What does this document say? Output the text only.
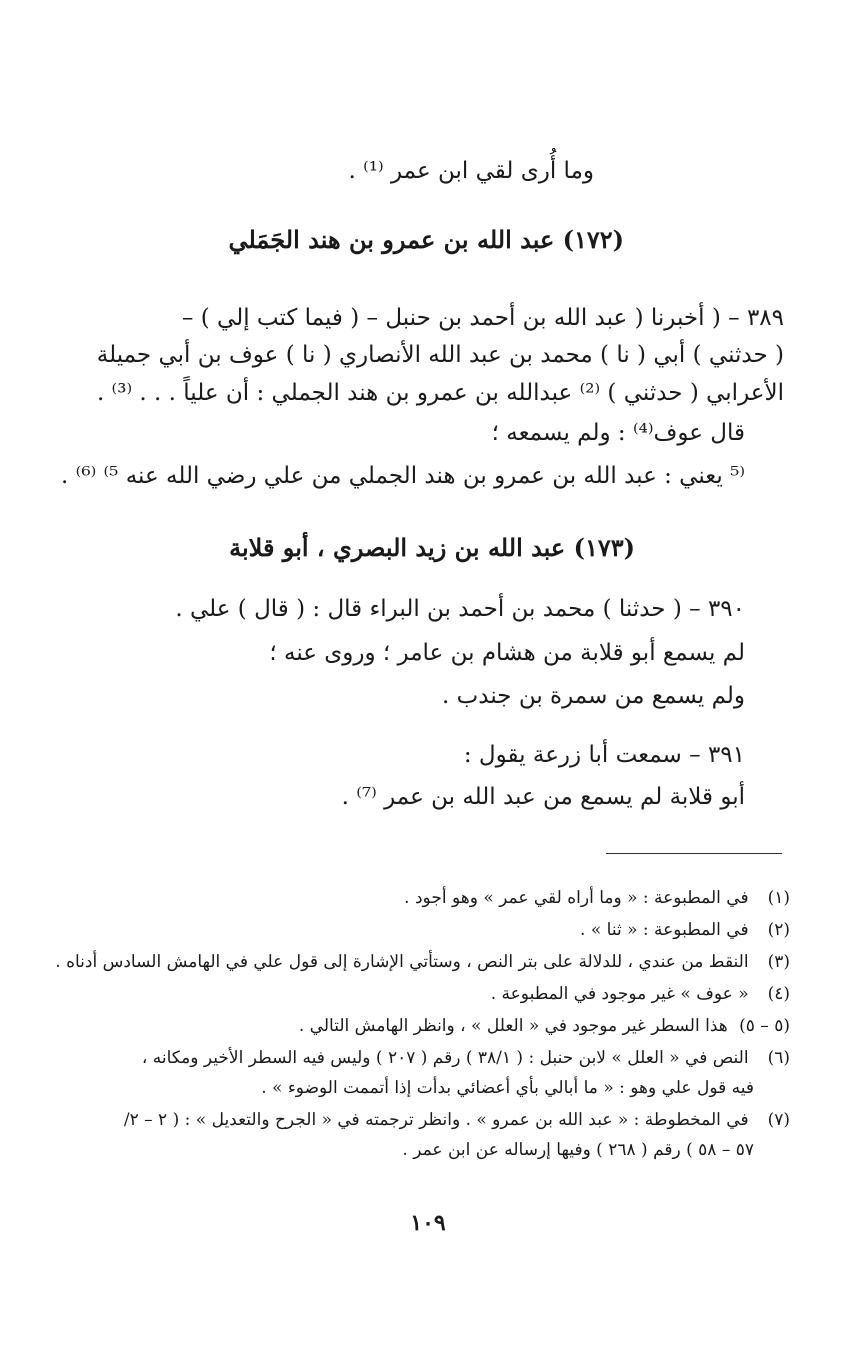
وما أُرى لقي ابن عمر ⁽¹⁾ .
(١٧٢) عبد الله بن عمرو بن هند الجَمَلي
٣٨٩ – ( أخبرنا ( عبد الله بن أحمد بن حنبل – ( فيما كتب إلي ) –
( حدثني ) أبي ( نا ) محمد بن عبد الله الأنصاري ( نا ) عوف بن أبي جميلة
الأعرابي ( حدثني ) ⁽²⁾ عبدالله بن عمرو بن هند الجملي : أن علياً . . . ⁽³⁾ .
قال عوف⁽⁴⁾ : ولم يسمعه ؛
⁽⁵ يعني : عبد الله بن عمرو بن هند الجملي من علي رضي الله عنه ⁵⁾ ⁽⁶⁾ .
(١٧٣) عبد الله بن زيد البصري ، أبو قلابة
٣٩٠ – ( حدثنا ) محمد بن أحمد بن البراء قال : ( قال ) علي .
لم يسمع أبو قلابة من هشام بن عامر ؛ وروى عنه ؛
ولم يسمع من سمرة بن جندب .
٣٩١ – سمعت أبا زرعة يقول :
أبو قلابة لم يسمع من عبد الله بن عمر ⁽⁷⁾ .
(١) في المطبوعة : « وما أراه لقي عمر » وهو أجود .
(٢) في المطبوعة : « ثنا » .
(٣) النقط من عندي ، للدلالة على بتر النص ، وستأتي الإشارة إلى قول علي في الهامش السادس أدناه .
(٤) « عوف » غير موجود في المطبوعة .
(٥ – ٥) هذا السطر غير موجود في « العلل » ، وانظر الهامش التالي .
(٦) النص في « العلل » لابن حنبل : ( ٣٨/١ ) رقم ( ٢٠٧ ) وليس فيه السطر الأخير ومكانه ،
فيه قول علي وهو : « ما أبالي بأي أعضائي بدأت إذا أتممت الوضوء » .
(٧) في المخطوطة : « عبد الله بن عمرو » . وانظر ترجمته في « الجرح والتعديل » : ( ٢ – ٢/
٥٧ – ٥٨ ) رقم ( ٢٦٨ ) وفيها إرساله عن ابن عمر .
١٠٩
